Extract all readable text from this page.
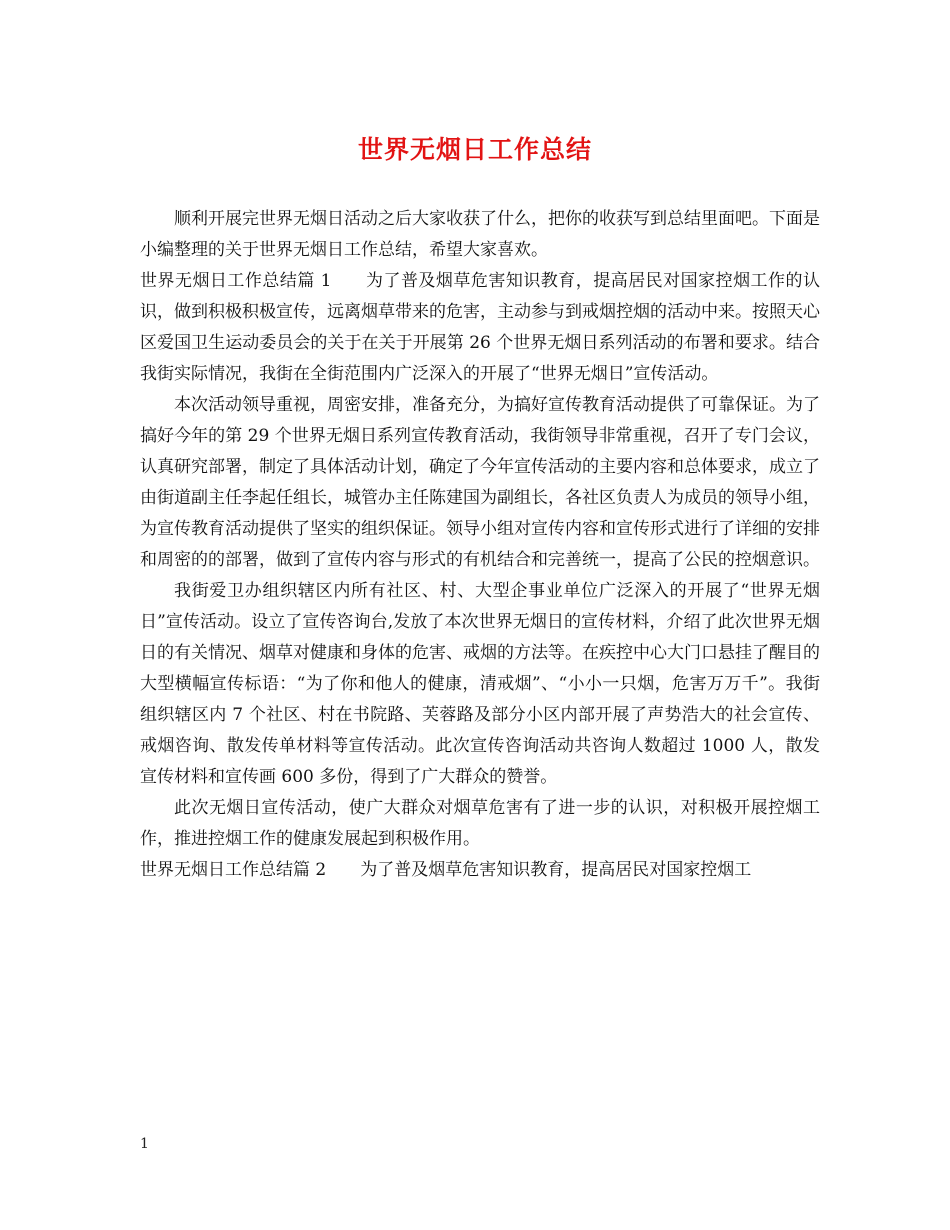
世界无烟日工作总结

顺利开展完世界无烟日活动之后大家收获了什么，把你的收获写到总结里面吧。下面是小编整理的关于世界无烟日工作总结，希望大家喜欢。

世界无烟日工作总结篇 1 为了普及烟草危害知识教育，提高居民对国家控烟工作的认识，做到积极积极宣传，远离烟草带来的危害，主动参与到戒烟控烟的活动中来。按照天心区爱国卫生运动委员会的关于在关于开展第 26 个世界无烟日系列活动的布署和要求。结合我街实际情况，我街在全街范围内广泛深入的开展了“世界无烟日”宣传活动。

本次活动领导重视，周密安排，准备充分，为搞好宣传教育活动提供了可靠保证。为了搞好今年的第 29 个世界无烟日系列宣传教育活动，我街领导非常重视，召开了专门会议，认真研究部署，制定了具体活动计划，确定了今年宣传活动的主要内容和总体要求，成立了由街道副主任李起任组长，城管办主任陈建国为副组长，各社区负责人为成员的领导小组，为宣传教育活动提供了坚实的组织保证。领导小组对宣传内容和宣传形式进行了详细的安排和周密的的部署，做到了宣传内容与形式的有机结合和完善统一，提高了公民的控烟意识。

我街爱卫办组织辖区内所有社区、村、大型企事业单位广泛深入的开展了“世界无烟日”宣传活动。设立了宣传咨询台,发放了本次世界无烟日的宣传材料，介绍了此次世界无烟日的有关情况、烟草对健康和身体的危害、戒烟的方法等。在疾控中心大门口悬挂了醒目的大型横幅宣传标语：“为了你和他人的健康，清戒烟”、“小小一只烟，危害万万千”。我街组织辖区内 7 个社区、村在书院路、芙蓉路及部分小区内部开展了声势浩大的社会宣传、戒烟咨询、散发传单材料等宣传活动。此次宣传咨询活动共咨询人数超过 1000 人，散发宣传材料和宣传画 600 多份，得到了广大群众的赞誉。

此次无烟日宣传活动，使广大群众对烟草危害有了进一步的认识，对积极开展控烟工作，推进控烟工作的健康发展起到积极作用。

世界无烟日工作总结篇 2 为了普及烟草危害知识教育，提高居民对国家控烟工

1
